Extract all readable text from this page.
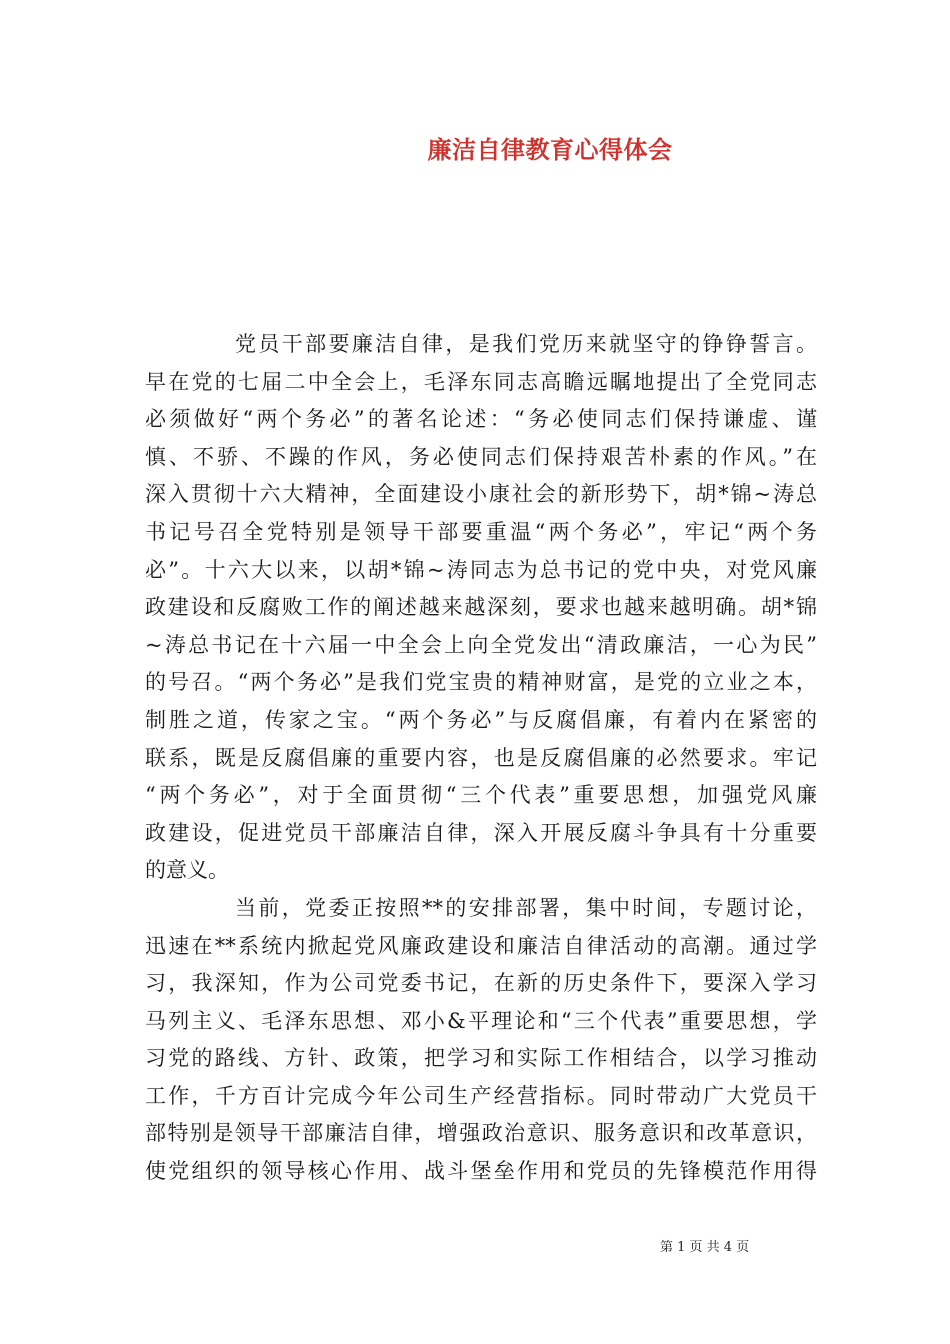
廉洁自律教育心得体会
党员干部要廉洁自律，是我们党历来就坚守的铮铮誓言。
早在党的七届二中全会上，毛泽东同志高瞻远瞩地提出了全党同志
必须做好“两个务必”的著名论述：“务必使同志们保持谦虚、谨
慎、不骄、不躁的作风，务必使同志们保持艰苦朴素的作风。”在
深入贯彻十六大精神，全面建设小康社会的新形势下，胡*锦~涛总
书记号召全党特别是领导干部要重温“两个务必”，牢记“两个务
必”。十六大以来，以胡*锦~涛同志为总书记的党中央，对党风廉
政建设和反腐败工作的阐述越来越深刻，要求也越来越明确。胡*锦
~涛总书记在十六届一中全会上向全党发出“清政廉洁，一心为民”
的号召。“两个务必”是我们党宝贵的精神财富，是党的立业之本，
制胜之道，传家之宝。“两个务必”与反腐倡廉，有着内在紧密的
联系，既是反腐倡廉的重要内容，也是反腐倡廉的必然要求。牢记
“两个务必”，对于全面贯彻“三个代表”重要思想，加强党风廉
政建设，促进党员干部廉洁自律，深入开展反腐斗争具有十分重要
的意义。
当前，党委正按照**的安排部署，集中时间，专题讨论，
迅速在**系统内掀起党风廉政建设和廉洁自律活动的高潮。通过学
习，我深知，作为公司党委书记，在新的历史条件下，要深入学习
马列主义、毛泽东思想、邓小&平理论和“三个代表”重要思想，学
习党的路线、方针、政策，把学习和实际工作相结合，以学习推动
工作，千方百计完成今年公司生产经营指标。同时带动广大党员干
部特别是领导干部廉洁自律，增强政治意识、服务意识和改革意识，
使党组织的领导核心作用、战斗堡垒作用和党员的先锋模范作用得
第 1 页 共 4 页
